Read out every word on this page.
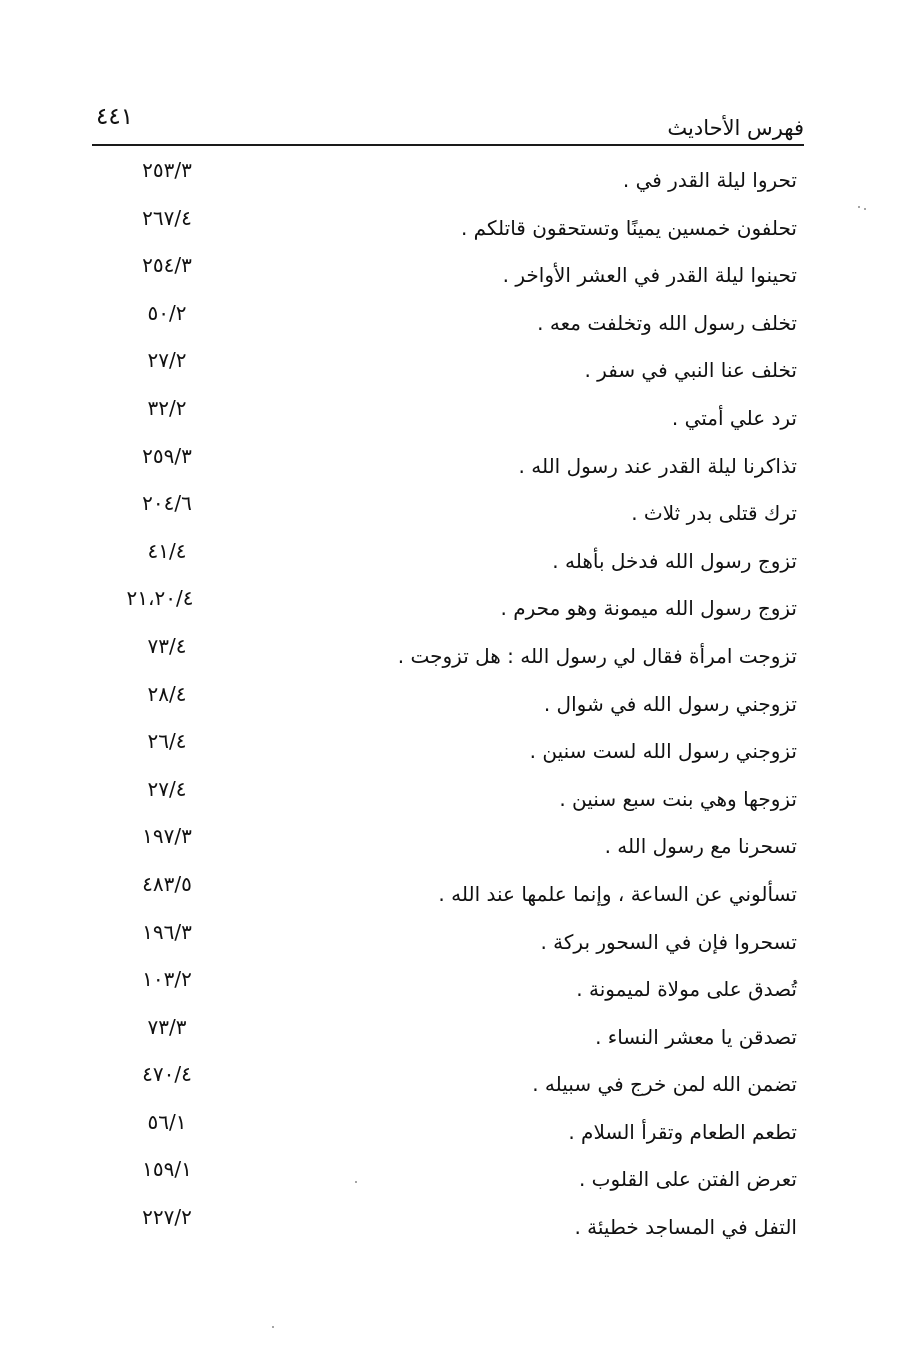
فهرس الأحاديث
٤٤١
تحروا ليلة القدر في .
٢٥٣/٣
تحلفون خمسين يمينًا وتستحقون قاتلكم .
٢٦٧/٤
تحينوا ليلة القدر في العشر الأواخر .
٢٥٤/٣
تخلف رسول الله وتخلفت معه .
٥٠/٢
تخلف عنا النبي في سفر .
٢٧/٢
ترد علي أمتي .
٣٢/٢
تذاكرنا ليلة القدر عند رسول الله .
٢٥٩/٣
ترك قتلى بدر ثلاث .
٢٠٤/٦
تزوج رسول الله فدخل بأهله .
٤١/٤
تزوج رسول الله ميمونة وهو محرم .
٢١،٢٠/٤
تزوجت امرأة فقال لي رسول الله : هل تزوجت .
٧٣/٤
تزوجني رسول الله في شوال .
٢٨/٤
تزوجني رسول الله لست سنين .
٢٦/٤
تزوجها وهي بنت سبع سنين .
٢٧/٤
تسحرنا مع رسول الله .
١٩٧/٣
تسألوني عن الساعة ، وإنما علمها عند الله .
٤٨٣/٥
تسحروا فإن في السحور بركة .
١٩٦/٣
تُصدق على مولاة لميمونة .
١٠٣/٢
تصدقن يا معشر النساء .
٧٣/٣
تضمن الله لمن خرج في سبيله .
٤٧٠/٤
تطعم الطعام وتقرأ السلام .
٥٦/١
تعرض الفتن على القلوب .
١٥٩/١
التفل في المساجد خطيئة .
٢٢٧/٢
